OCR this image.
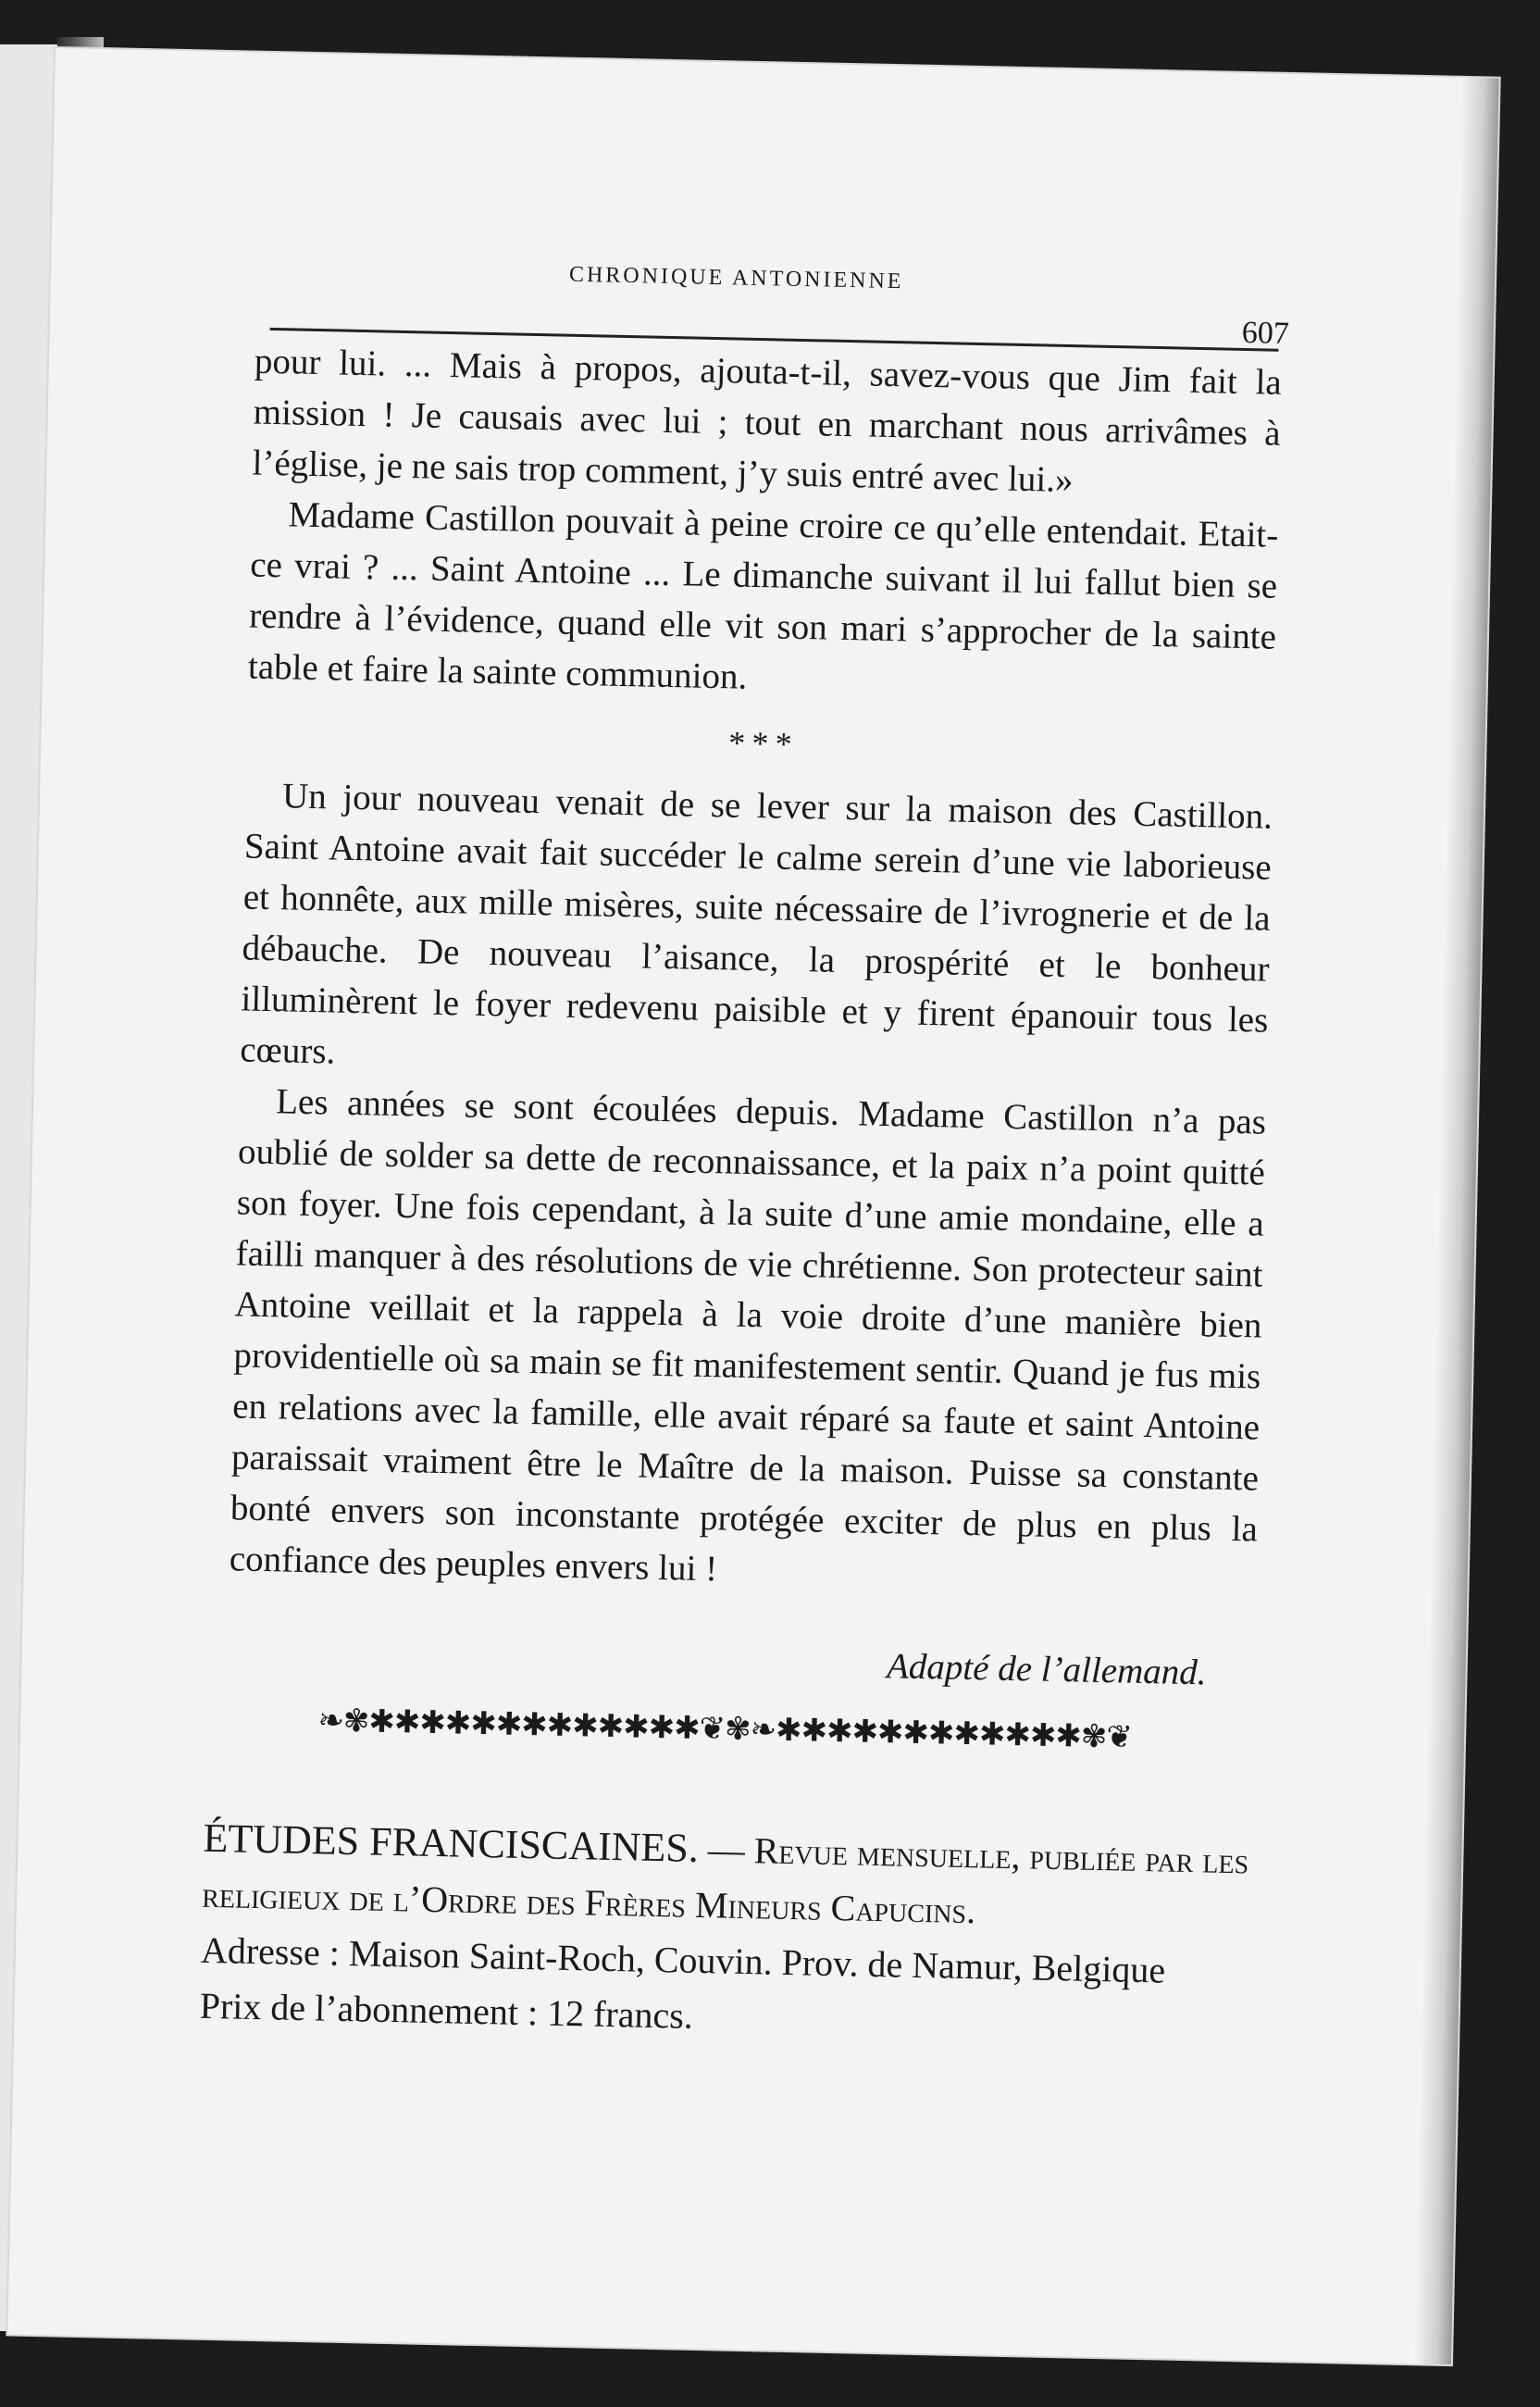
CHRONIQUE ANTONIENNE
607

pour lui. ... Mais à propos, ajouta-t-il, savez-vous que Jim fait la mission ! Je causais avec lui ; tout en marchant nous arrivâmes à l’église, je ne sais trop comment, j’y suis entré avec lui.»

Madame Castillon pouvait à peine croire ce qu’elle entendait. Etait-ce vrai ? ... Saint Antoine ... Le dimanche suivant il lui fallut bien se rendre à l’évidence, quand elle vit son mari s’approcher de la sainte table et faire la sainte communion.

* * *

Un jour nouveau venait de se lever sur la maison des Castillon. Saint Antoine avait fait succéder le calme serein d’une vie laborieuse et honnête, aux mille misères, suite nécessaire de l’ivrognerie et de la débauche. De nouveau l’aisance, la prospérité et le bonheur illuminèrent le foyer redevenu paisible et y firent épanouir tous les cœurs.

Les années se sont écoulées depuis. Madame Castillon n’a pas oublié de solder sa dette de reconnaissance, et la paix n’a point quitté son foyer. Une fois cependant, à la suite d’une amie mondaine, elle a failli manquer à des résolutions de vie chrétienne. Son protecteur saint Antoine veillait et la rappela à la voie droite d’une manière bien providentielle où sa main se fit manifestement sentir. Quand je fus mis en relations avec la famille, elle avait réparé sa faute et saint Antoine paraissait vraiment être le Maître de la maison. Puisse sa constante bonté envers son inconstante protégée exciter de plus en plus la confiance des peuples envers lui !

Adapté de l’allemand.
❧✾✱✱✱✱✱✱✱✱✱✱✱✱✱❦✾❧✱✱✱✱✱✱✱✱✱✱✱✱✾❦

ÉTUDES FRANCISCAINES. — Revue mensuelle, publiée par les religieux de l’Ordre des Frères Mineurs Capucins.

Adresse : Maison Saint-Roch, Couvin. Prov. de Namur, Belgique

Prix de l’abonnement : 12 francs.
